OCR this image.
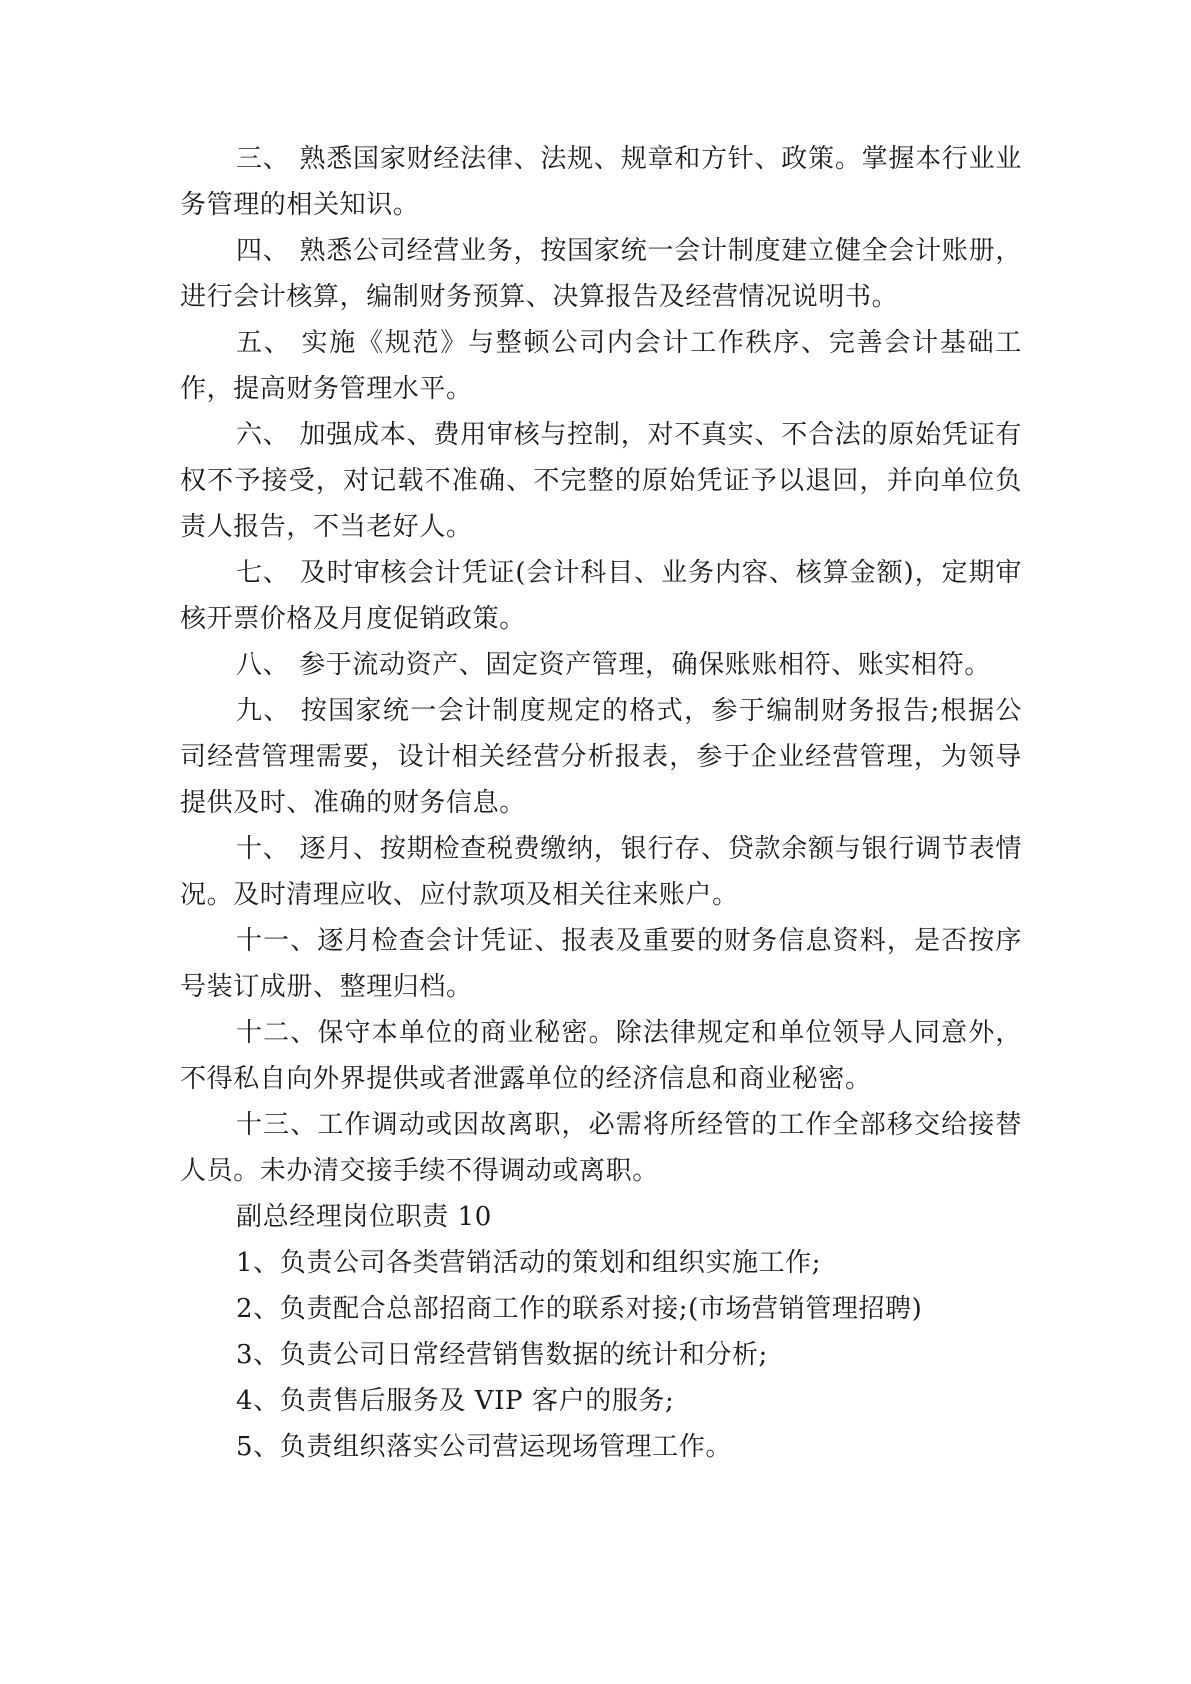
三、 熟悉国家财经法律、法规、规章和方针、政策。掌握本行业业务管理的相关知识。

四、 熟悉公司经营业务，按国家统一会计制度建立健全会计账册，进行会计核算，编制财务预算、决算报告及经营情况说明书。

五、 实施《规范》与整顿公司内会计工作秩序、完善会计基础工作，提高财务管理水平。

六、 加强成本、费用审核与控制，对不真实、不合法的原始凭证有权不予接受，对记载不准确、不完整的原始凭证予以退回，并向单位负责人报告，不当老好人。

七、 及时审核会计凭证(会计科目、业务内容、核算金额)，定期审核开票价格及月度促销政策。

八、 参于流动资产、固定资产管理，确保账账相符、账实相符。

九、 按国家统一会计制度规定的格式，参于编制财务报告;根据公司经营管理需要，设计相关经营分析报表，参于企业经营管理，为领导提供及时、准确的财务信息。

十、 逐月、按期检查税费缴纳，银行存、贷款余额与银行调节表情况。及时清理应收、应付款项及相关往来账户。

十一、逐月检查会计凭证、报表及重要的财务信息资料，是否按序号装订成册、整理归档。

十二、保守本单位的商业秘密。除法律规定和单位领导人同意外，不得私自向外界提供或者泄露单位的经济信息和商业秘密。

十三、工作调动或因故离职，必需将所经管的工作全部移交给接替人员。未办清交接手续不得调动或离职。

副总经理岗位职责 10

1、负责公司各类营销活动的策划和组织实施工作;

2、负责配合总部招商工作的联系对接;(市场营销管理招聘)

3、负责公司日常经营销售数据的统计和分析;

4、负责售后服务及 VIP 客户的服务;

5、负责组织落实公司营运现场管理工作。
